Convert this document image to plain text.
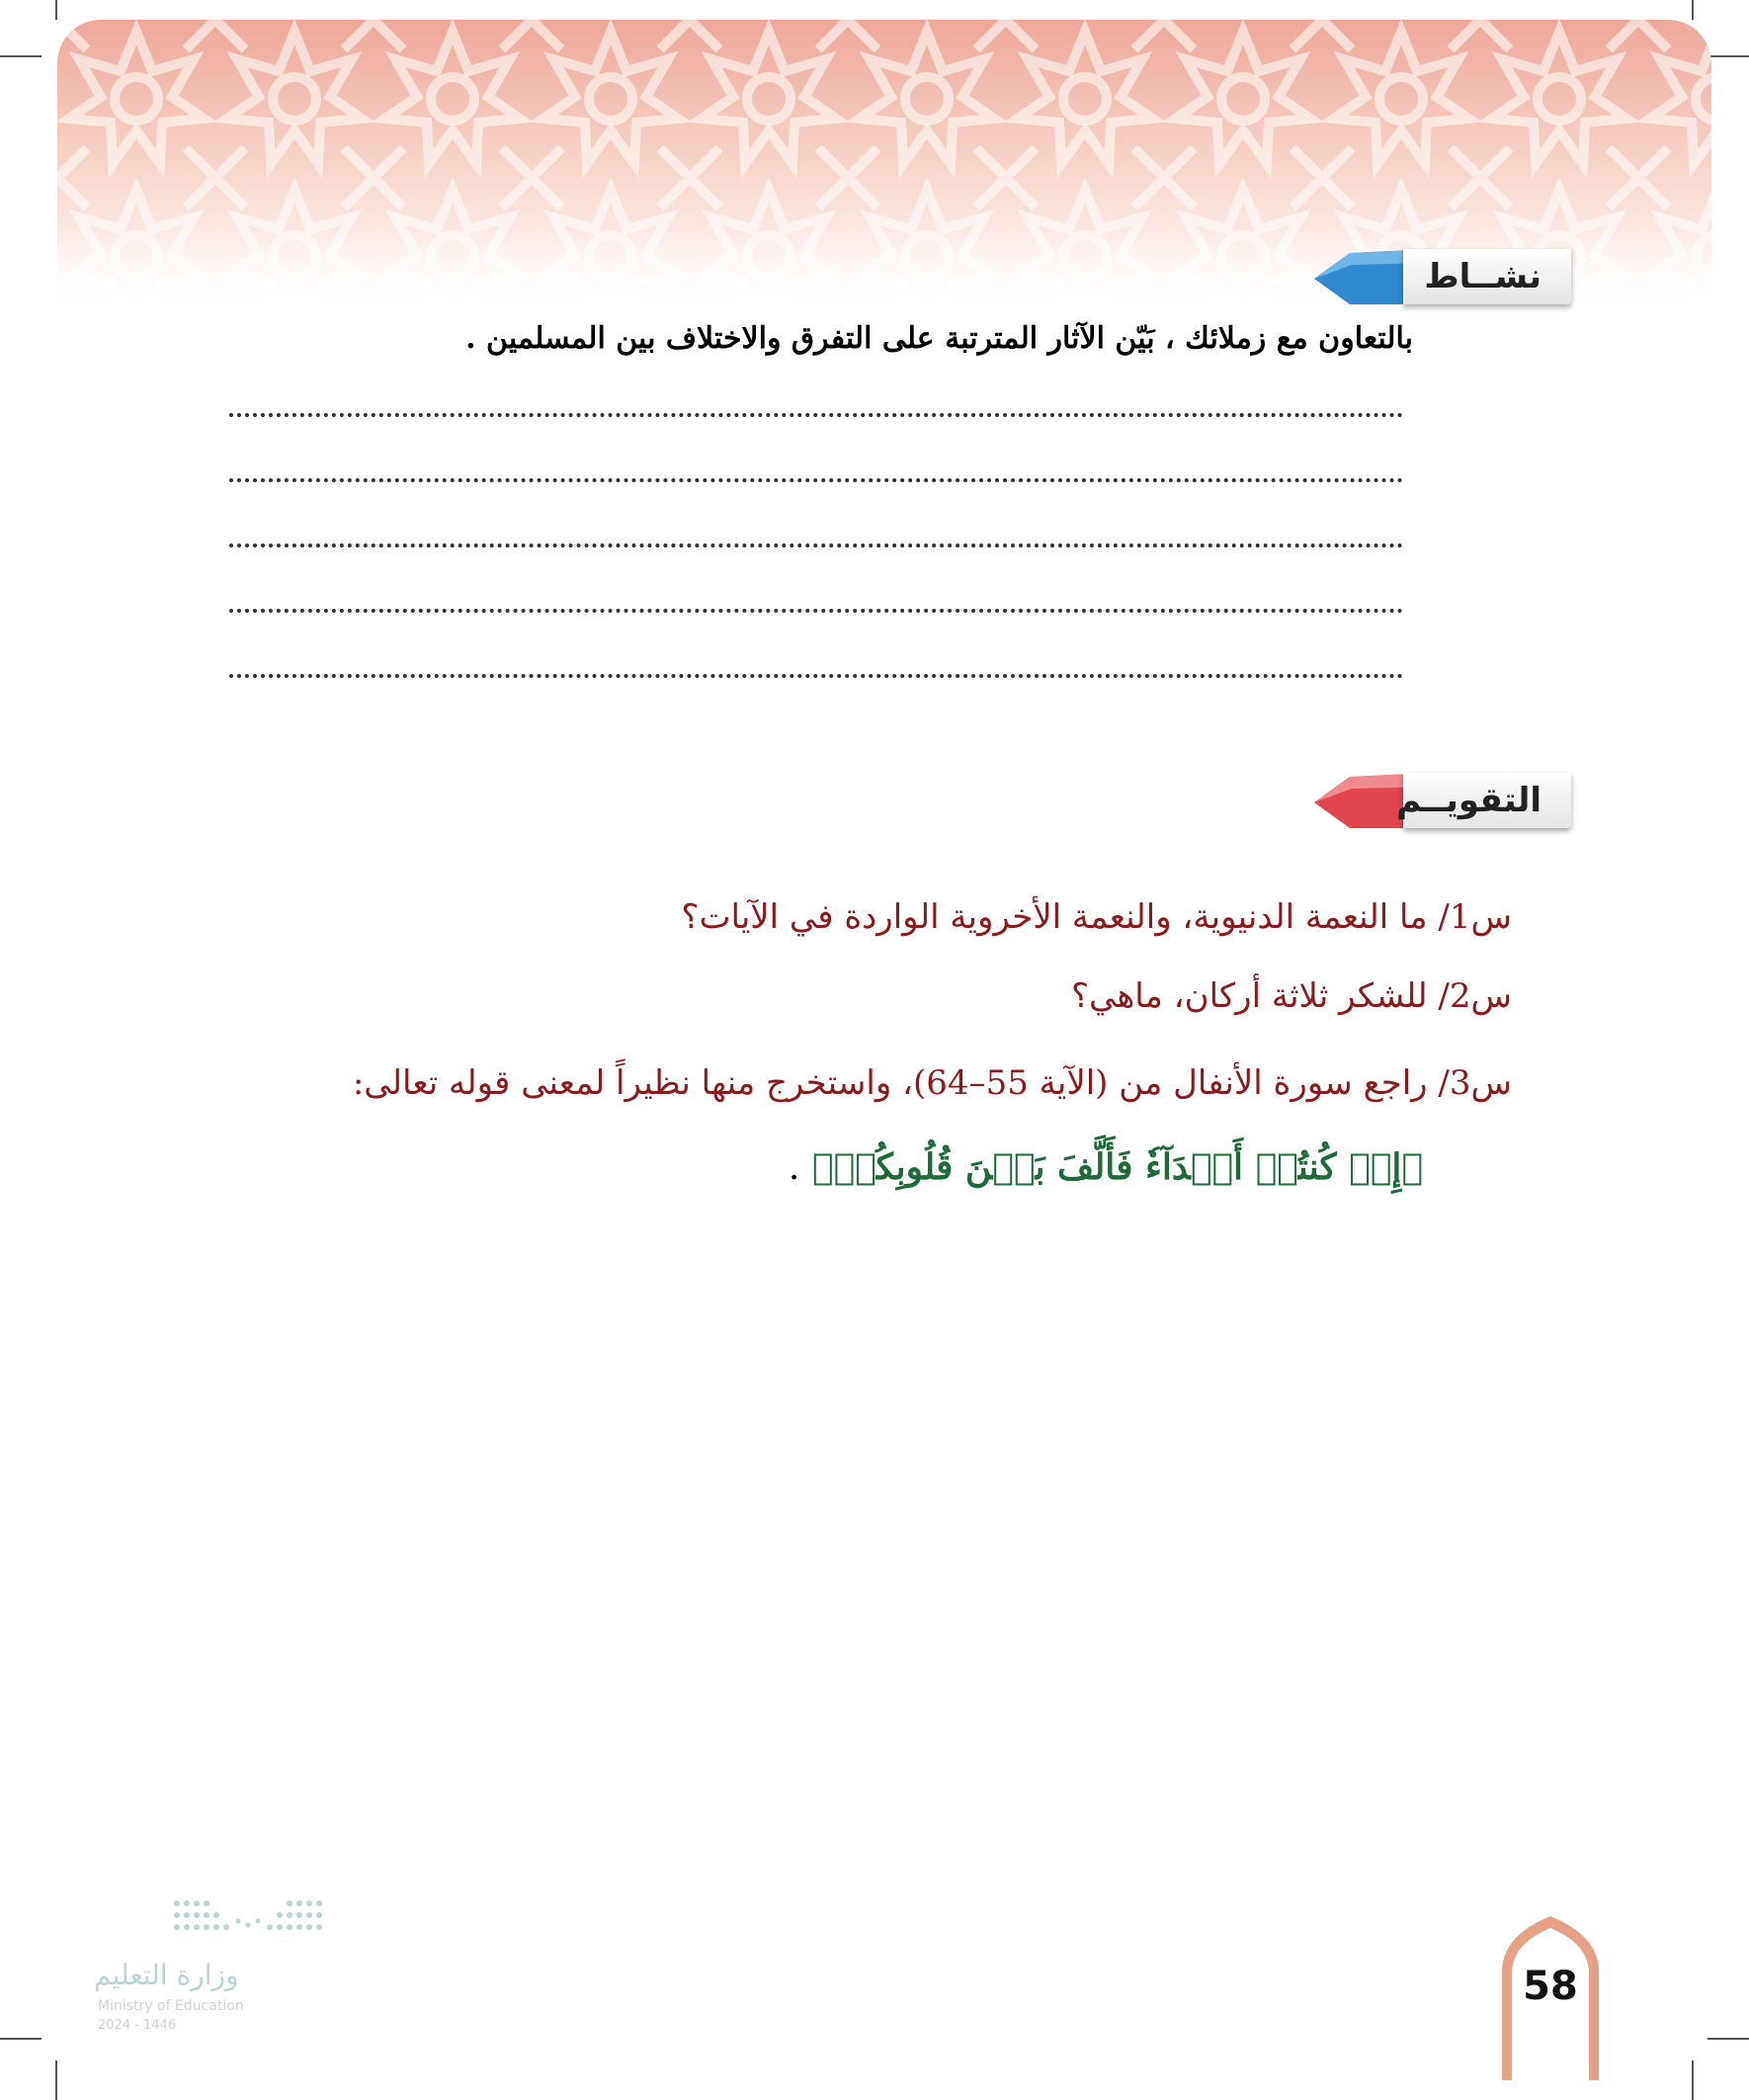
نشــاط
بالتعاون مع زملائك ، بَيّن الآثار المترتبة على التفرق والاختلاف بين المسلمين .
التقويــم
س1/ ما النعمة الدنيوية، والنعمة الأخروية الواردة في الآيات؟
س2/ للشكر ثلاثة أركان، ماهي؟
س3/ راجع سورة الأنفال من (الآية 55–64)، واستخرج منها نظيراً لمعنى قوله تعالى:
﴿إِذۡ كُنتُمۡ أَعۡدَآءٗ فَأَلَّفَ بَيۡنَ قُلُوبِكُمۡ﴾ .
وزارة التعليم
Ministry of Education
2024 - 1446
58
